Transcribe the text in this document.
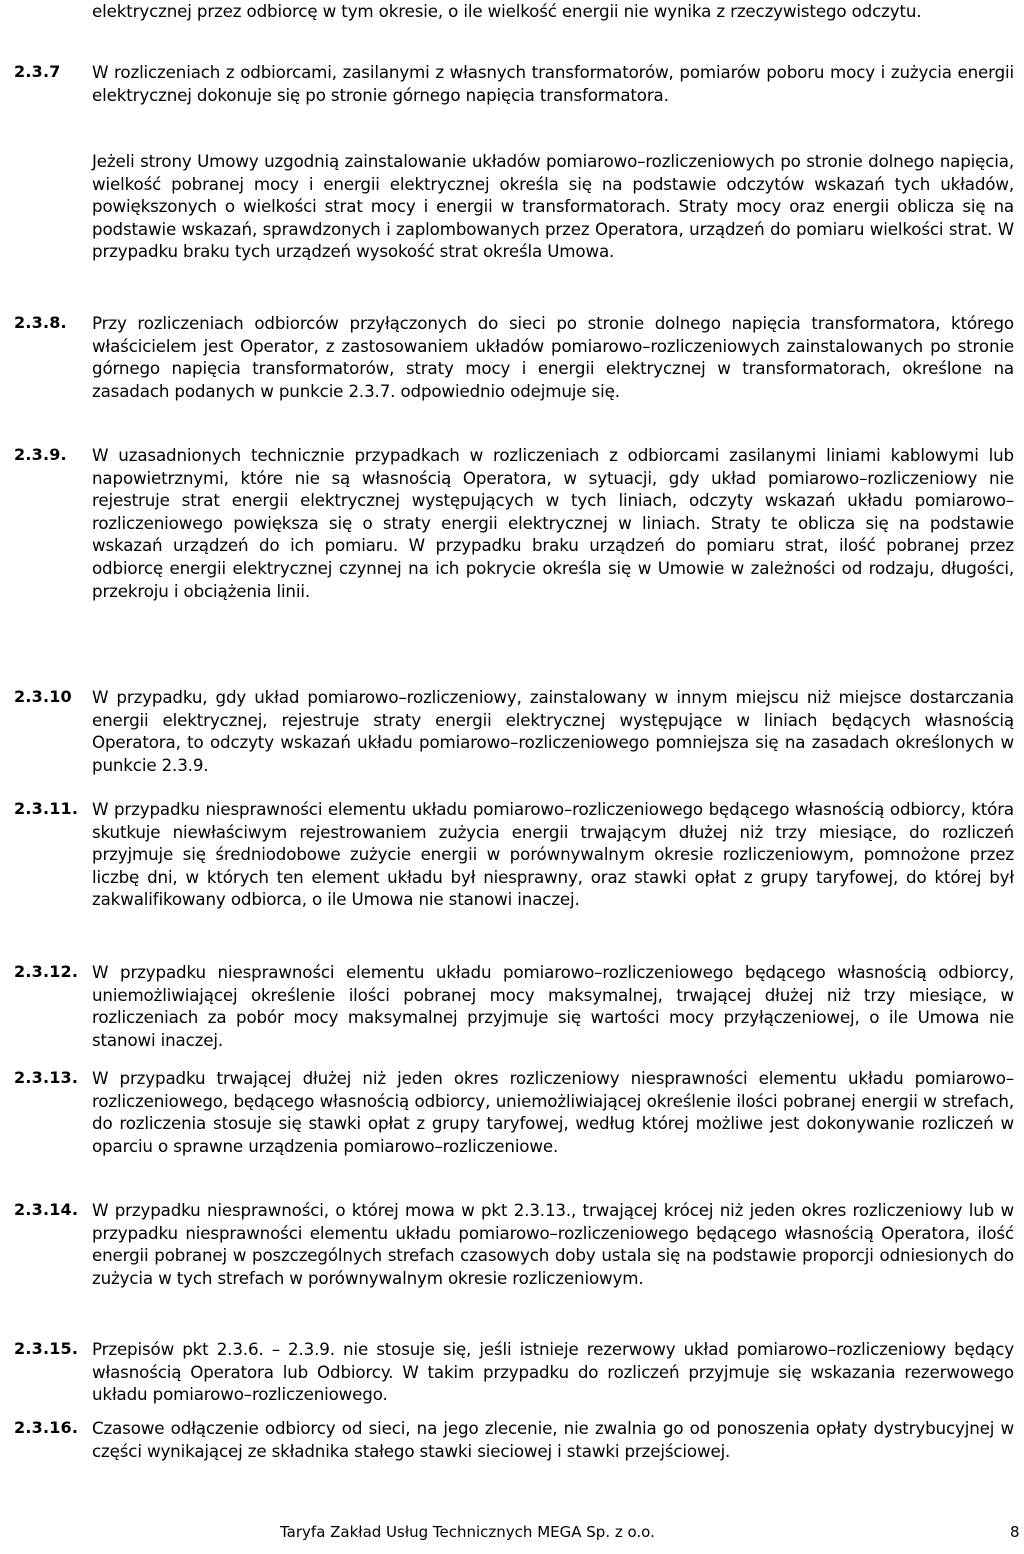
elektrycznej przez odbiorcę w tym okresie, o ile wielkość energii nie wynika z rzeczywistego odczytu.
2.3.7	W rozliczeniach z odbiorcami, zasilanymi z własnych transformatorów, pomiarów poboru mocy i zużycia energii elektrycznej dokonuje się po stronie górnego napięcia transformatora.
Jeżeli strony Umowy uzgodnią zainstalowanie układów pomiarowo–rozliczeniowych po stronie dolnego napięcia, wielkość pobranej mocy i energii elektrycznej określa się na podstawie odczytów wskazań tych układów, powiększonych o wielkości strat mocy i energii w transformatorach. Straty mocy oraz energii oblicza się na podstawie wskazań, sprawdzonych i zaplombowanych przez Operatora, urządzeń do pomiaru wielkości strat. W przypadku braku tych urządzeń wysokość strat określa Umowa.
2.3.8.	Przy rozliczeniach odbiorców przyłączonych do sieci po stronie dolnego napięcia transformatora, którego właścicielem jest Operator, z zastosowaniem układów pomiarowo–rozliczeniowych zainstalowanych po stronie górnego napięcia transformatorów, straty mocy i energii elektrycznej w transformatorach, określone na zasadach podanych w punkcie 2.3.7. odpowiednio odejmuje się.
2.3.9.	W uzasadnionych technicznie przypadkach w rozliczeniach z odbiorcami zasilanymi liniami kablowymi lub napowietrznymi, które nie są własnością Operatora, w sytuacji, gdy układ pomiarowo–rozliczeniowy nie rejestruje strat energii elektrycznej występujących w tych liniach, odczyty wskazań układu pomiarowo–rozliczeniowego powiększa się o straty energii elektrycznej w liniach. Straty te oblicza się na podstawie wskazań urządzeń do ich pomiaru. W przypadku braku urządzeń do pomiaru strat, ilość pobranej przez odbiorcę energii elektrycznej czynnej na ich pokrycie określa się w Umowie w zależności od rodzaju, długości, przekroju i obciążenia linii.
2.3.10	W przypadku, gdy układ pomiarowo–rozliczeniowy, zainstalowany w innym miejscu niż miejsce dostarczania energii elektrycznej, rejestruje straty energii elektrycznej występujące w liniach będących własnością Operatora, to odczyty wskazań układu pomiarowo–rozliczeniowego pomniejsza się na zasadach określonych w punkcie 2.3.9.
2.3.11. W przypadku niesprawności elementu układu pomiarowo–rozliczeniowego będącego własnością odbiorcy, która skutkuje niewłaściwym rejestrowaniem zużycia energii trwającym dłużej niż trzy miesiące, do rozliczeń przyjmuje się średniodobowe zużycie energii w porównywalnym okresie rozliczeniowym, pomnożone przez liczbę dni, w których ten element układu był niesprawny, oraz stawki opłat z grupy taryfowej, do której był zakwalifikowany odbiorca, o ile Umowa nie stanowi inaczej.
2.3.12. W przypadku niesprawności elementu układu pomiarowo–rozliczeniowego będącego własnością odbiorcy, uniemożliwiającej określenie ilości pobranej mocy maksymalnej, trwającej dłużej niż trzy miesiące, w rozliczeniach za pobór mocy maksymalnej przyjmuje się wartości mocy przyłączeniowej, o ile Umowa nie stanowi inaczej.
2.3.13. W przypadku trwającej dłużej niż jeden okres rozliczeniowy niesprawności elementu układu pomiarowo–rozliczeniowego, będącego własnością odbiorcy, uniemożliwiającej określenie ilości pobranej energii w strefach, do rozliczenia stosuje się stawki opłat z grupy taryfowej, według której możliwe jest dokonywanie rozliczeń w oparciu o sprawne urządzenia pomiarowo–rozliczeniowe.
2.3.14. W przypadku niesprawności, o której mowa w pkt 2.3.13., trwającej krócej niż jeden okres rozliczeniowy lub w przypadku niesprawności elementu układu pomiarowo–rozliczeniowego będącego własnością Operatora, ilość energii pobranej w poszczególnych strefach czasowych doby ustala się na podstawie proporcji odniesionych do zużycia w tych strefach w porównywalnym okresie rozliczeniowym.
2.3.15. Przepisów pkt 2.3.6. – 2.3.9. nie stosuje się, jeśli istnieje rezerwowy układ pomiarowo–rozliczeniowy będący własnością Operatora lub Odbiorcy. W takim przypadku do rozliczeń przyjmuje się wskazania rezerwowego układu pomiarowo–rozliczeniowego.
2.3.16. Czasowe odłączenie odbiorcy od sieci, na jego zlecenie, nie zwalnia go od ponoszenia opłaty dystrybucyjnej w części wynikającej ze składnika stałego stawki sieciowej i stawki przejściowej.
Taryfa Zakład Usług Technicznych MEGA Sp. z o.o.	8
